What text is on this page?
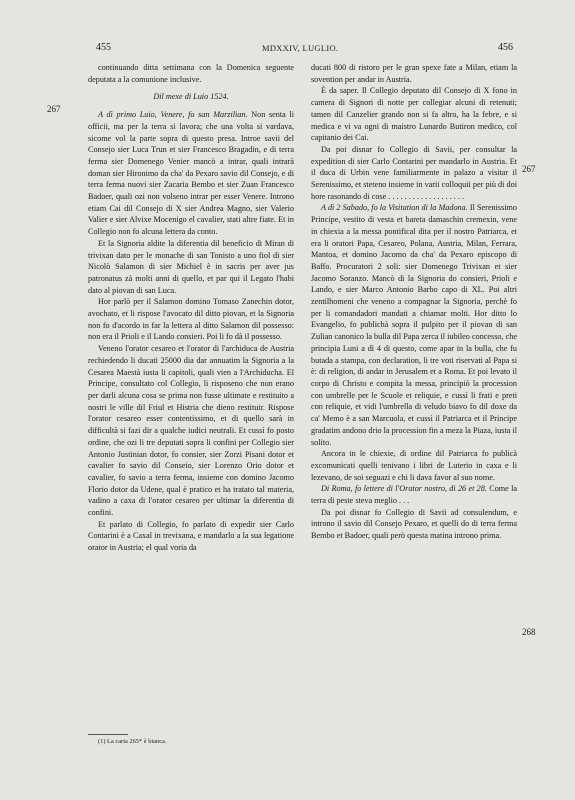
455	MDXXIV, LUGLIO.	456
267
267
268

continuando ditta settimana con la Domenica seguente deputata a la comunione inclusive.

Dil mexe di Luio 1524.

A dì primo Luio, Venere, fo san Marzilian. Non senta li officii, ma per la terra si lavora; che una volta si vardava, sicome vol la parte sopra di questo presa. Introe savii del Consejo sier Luca Trun et sier Francesco Bragadin, e di terra ferma sier Domenego Venier mancò a intrar, quali intrarà doman sier Hironimo da cha' da Pexaro savio dil Consejo, e di terra ferma nuovi sier Zacaria Bembo et sier Zuan Francesco Badoer, quali ozi non volseno intrar per esser Venere. Introno etiam Cai dil Consejo di X sier Andrea Magno, sier Valerio Valier e sier Alvixe Mocenigo el cavalier, stati altre fiate. Et in Collegio non fo alcuna lettera da conto.

Et la Signoria aldite la diferentia dil beneficio di Miran di trivixan dato per le monache di san Tonisto a uno fiol di sier Nicolò Salamon di sier Michiel è in sacris per aver jus patronatus zà molti anni di quello, et par qui il Legato l'habi dato al piovan di san Luca.

Hor parlò per il Salamon domino Tomaso Zanechin dotor, avochato, et li rispose l'avocato dil ditto piovan, et la Signoria non fo d'acordo in far la lettera al ditto Salamon dil possesso: non era il Prioli e il Lando consieri. Poi li fo dà il possesso.

Veneno l'orator cesareo et l'orator di l'archiduca de Austria rechiedendo li ducati 25000 dia dar annuatim la Signoria a la Cesarea Maestà iusta li capitoli, quali vien a l'Archiducha. El Principe, consultato col Collegio, li risposeno che non erano per darli alcuna cosa se prima non fusse ultimate e restituito a nostri le ville dil Friul et Histria che dieno restituir. Rispose l'orator cesareo esser contentissimo, et di quello sarà in difficultà si fazi dir a qualche iudici neutrali. Et cussì fo posto ordine, che ozi li tre deputati sopra li confini per Collegio sier Antonio Justinian dotor, fo consier, sier Zorzi Pisani dotor et cavalier fo savio dil Conseio, sier Lorenzo Orio dotor et cavalier, fo savio a terra ferma, insieme con domino Jacomo Florio dotor da Udene, qual è pratico et ha tratato tal materia, vadino a caxa di l'orator cesareo per ultimar la diferentia di confini.

Et parlato di Collegio, fo parlato di expedir sier Carlo Contarini è a Caxal in trevixana, e mandarlo a la sua legatione orator in Austria; el qual voria da

(1) La carta 265* è bianca.

ducati 800 di ristoro per le gran spexe fate a Milan, etiam la sovention per andar in Austria.

È da saper. Il Collegio deputato dil Consejo di X fono in camera di Signori di notte per collegiar alcuni di retenuti; tamen dil Canzelier grando non si fa altro, ha la febre, e si medica e vi va ogni di maistro Lunardo Butiron medico, col capitanio dei Cai.

Da poi disnar fo Collegio di Savii, per consultar la expedition di sier Carlo Contarini per mandarlo in Austria. Et il duca di Urbin vene familiarmente in palazo a visitar il Serenissimo, et steteno insieme in varii colloquii per più di doi hore rasonando di cose . . . . . . . . . . . . . . . . . . .

A dì 2 Sabado, fo la Visitation di la Madona. Il Serenissimo Principe, vestito di vesta et bareta damaschin cremexin, vene in chiexia a la messa pontifical dita per il nostro Patriarca, et era li oratori Papa, Cesareo, Polana, Austria, Milan, Ferrara, Mantoa, et domino Jacomo da cha' da Pexaro episcopo di Baffo. Procuratori 2 soli: sier Domenego Trivixan et sier Jacomo Soranzo. Mancò di la Signoria do consieri, Prioli e Lando, e sier Marco Antonio Barbo capo di XL. Poi altri zentilhomeni che veneno a compagnar la Signoria, perchè fo per li comandadori mandati a chiamar molti. Hor ditto lo Evangelio, fo publichà sopra il pulpito per il piovan di san Zulian canonico la bulla dil Papa zerca il iubileo concesso, che principia Luni a dì 4 di questo, come apar in la bulla, che fu butada a stampa, con declaration, li tre voti riservati al Papa si è: di religion, di andar in Jerusalem et a Roma. Et poi levato il corpo di Christo e compita la messa, principiò la procession con umbrelle per le Scuole et reliquie, e cussì li frati e preti con reliquie, et vidi l'umbrella di veludo biavo fo dil doxe da ca' Memo è a san Marcuola, et cussì il Patriarca et il Principe gradatim andono drio la procession fin a meza la Piaza, iusta il solito.

Ancora in le chiexie, di ordine dil Patriarca fo publicà excomunicati quelli tenivano i libri de Luterio in caxa e li lezevano, de soi seguazi e chi li dava favor al suo nome.

Di Roma, fo lettere di l'Orator nostro, di 26 et 28. Come la terra di peste steva meglio . . .

Da poi disnar fo Collegio di Savii ad consulendum, e introno il savio dil Consejo Pexaro, et quelli do di terra ferma Bembo et Badoer, quali però questa matina introno prima.
